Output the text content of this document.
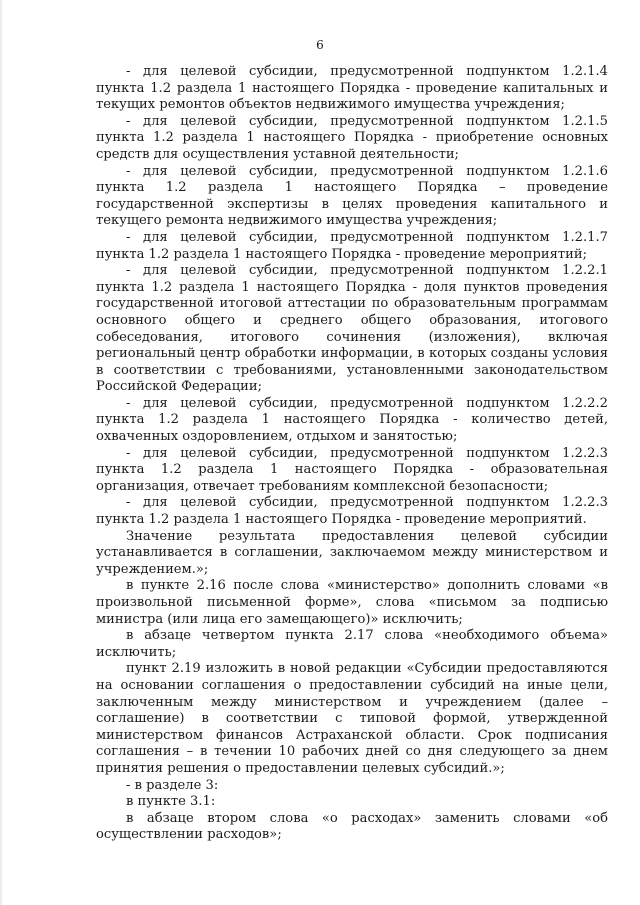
6

- для целевой субсидии, предусмотренной подпунктом 1.2.1.4 пункта 1.2 раздела 1 настоящего Порядка - проведение капитальных и текущих ремонтов объектов недвижимого имущества учреждения;

- для целевой субсидии, предусмотренной подпунктом 1.2.1.5 пункта 1.2 раздела 1 настоящего Порядка - приобретение основных средств для осуществления уставной деятельности;

- для целевой субсидии, предусмотренной подпунктом 1.2.1.6 пункта 1.2 раздела 1 настоящего Порядка – проведение государственной экспертизы в целях проведения капитального и текущего ремонта недвижимого имущества учреждения;

- для целевой субсидии, предусмотренной подпунктом 1.2.1.7 пункта 1.2 раздела 1 настоящего Порядка - проведение мероприятий;

- для целевой субсидии, предусмотренной подпунктом 1.2.2.1 пункта 1.2 раздела 1 настоящего Порядка - доля пунктов проведения государственной итоговой аттестации по образовательным программам основного общего и среднего общего образования, итогового собеседования, итогового сочинения (изложения), включая региональный центр обработки информации, в которых созданы условия в соответствии с требованиями, установленными законодательством Российской Федерации;

- для целевой субсидии, предусмотренной подпунктом 1.2.2.2 пункта 1.2 раздела 1 настоящего Порядка - количество детей, охваченных оздоровлением, отдыхом и занятостью;

- для целевой субсидии, предусмотренной подпунктом 1.2.2.3 пункта 1.2 раздела 1 настоящего Порядка - образовательная организация, отвечает требованиям комплексной безопасности;

- для целевой субсидии, предусмотренной подпунктом 1.2.2.3 пункта 1.2 раздела 1 настоящего Порядка - проведение мероприятий.

Значение результата предоставления целевой субсидии устанавливается в соглашении, заключаемом между министерством и учреждением.»;

в пункте 2.16 после слова «министерство» дополнить словами «в произвольной письменной форме», слова «письмом за подписью министра (или лица его замещающего)» исключить;

в абзаце четвертом пункта 2.17 слова «необходимого объема» исключить;

пункт 2.19 изложить в новой редакции «Субсидии предоставляются на основании соглашения о предоставлении субсидий на иные цели, заключенным между министерством и учреждением (далее – соглашение) в соответствии с типовой формой, утвержденной министерством финансов Астраханской области. Срок подписания соглашения – в течении 10 рабочих дней со дня следующего за днем принятия решения о предоставлении целевых субсидий.»;

- в разделе 3:

в пункте 3.1:

в абзаце втором слова «о расходах» заменить словами «об осуществлении расходов»;
